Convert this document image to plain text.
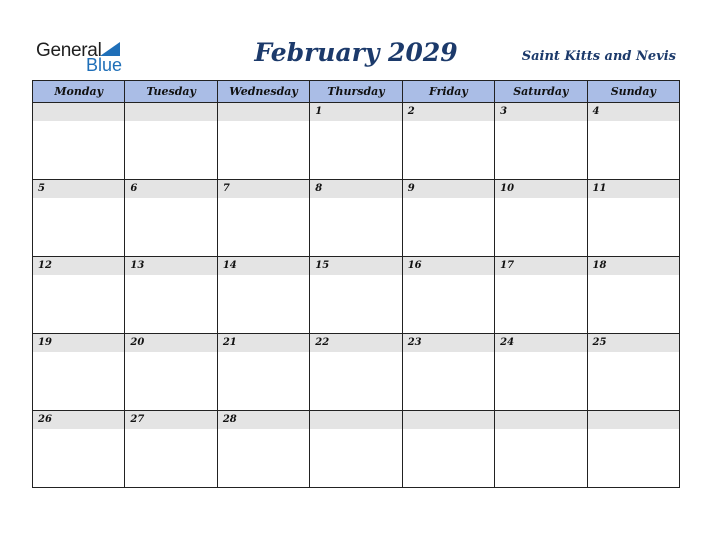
General
Blue	February 2029	Saint Kitts and Nevis
Monday	Tuesday	Wednesday	Thursday	Friday	Saturday	Sunday

			1	2	3	4

5	6	7	8	9	10	11

12	13	14	15	16	17	18

19	20	21	22	23	24	25

26	27	28				
